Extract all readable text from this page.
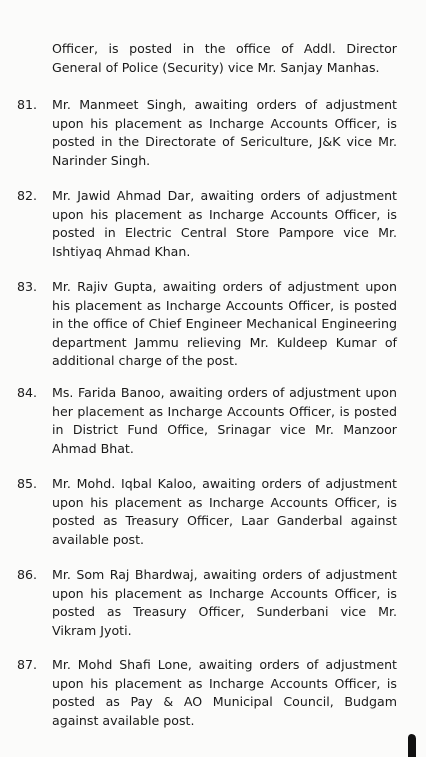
Officer, is posted in the office of Addl. Director General of Police (Security) vice Mr. Sanjay Manhas.
81.	Mr. Manmeet Singh, awaiting orders of adjustment upon his placement as Incharge Accounts Officer, is posted in the Directorate of Sericulture, J&K vice Mr. Narinder Singh.
82.	Mr. Jawid Ahmad Dar, awaiting orders of adjustment upon his placement as Incharge Accounts Officer, is posted in Electric Central Store Pampore vice Mr. Ishtiyaq Ahmad Khan.
83.	Mr. Rajiv Gupta, awaiting orders of adjustment upon his placement as Incharge Accounts Officer, is posted in the office of Chief Engineer Mechanical Engineering department Jammu relieving Mr. Kuldeep Kumar of additional charge of the post.
84.	Ms. Farida Banoo, awaiting orders of adjustment upon her placement as Incharge Accounts Officer, is posted in District Fund Office, Srinagar vice Mr. Manzoor Ahmad Bhat.
85.	Mr. Mohd. Iqbal Kaloo, awaiting orders of adjustment upon his placement as Incharge Accounts Officer, is posted as Treasury Officer, Laar Ganderbal against available post.
86.	Mr. Som Raj Bhardwaj, awaiting orders of adjustment upon his placement as Incharge Accounts Officer, is posted as Treasury Officer, Sunderbani vice Mr. Vikram Jyoti.
87.	Mr. Mohd Shafi Lone, awaiting orders of adjustment upon his placement as Incharge Accounts Officer, is posted as Pay & AO Municipal Council, Budgam against available post.
